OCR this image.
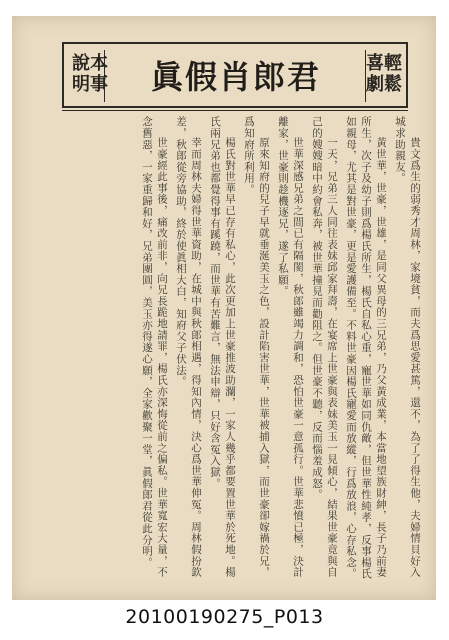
輕鬆喜劇
眞假肖郎君
本事說明

貴文爲生的弱秀才周林，家境貧，而夫爲思愛甚篤，還不，為了了得生他，夫婦情貝好入城求助親友。

黃世華，世豪，世雄，是同父異母的三兄弟，乃父黃成業，本當地望族財紳，長子乃前妻所生，次子及幼子則爲楊氏所生，楊氏自私心重，寵世華如同仇敵，但世華性純孝，反事楊氏如親母，尤其是對世豪，更是愛護備至。不料世豪因楊氏寵愛而放縱，行爲放浪，心存私念。

一天，兄弟三人同往表妹邱家拜壽，在宴席上世豪與表妹美玉一見傾心，結果世豪竟與自己的嫂嫂暗中約會私奔，被世華撞見而勸阻之。但世豪不聽，反而惱羞成怒。

世華深感兄弟之間已有隔閡，秋郎雖竭力調和，恐怕世豪一意孤行。世華悲憤已極，決計離家，世豪則趁機逐兄，遂了私願。

原來知府的兒子早就垂涎美玉之色，設計陷害世華，世華被捕入獄，而世豪卻嫁禍於兄，爲知府所利用。

楊氏對世華早已存有私心，此次更加上世豪推波助瀾，一家人幾乎都要置世華於死地。楊氏兩兄弟也都覺得事有蹊蹺，而世華有苦難言，無法申辯，只好含冤入獄。

幸而周林夫婦得世華資助，在城中與秋郎相遇，得知內情，決心爲世華伸冤。周林假扮欽差，秋郎從旁協助，終於使眞相大白，知府父子伏法。

世豪經此事後，痛改前非，向兄長跪地請罪，楊氏亦深悔從前之偏私。世華寬宏大量，不念舊惡，一家重歸和好，兄弟團圓，美玉亦得遂心願，全家歡聚一堂，眞假郎君從此分明。

20100190275_P013
